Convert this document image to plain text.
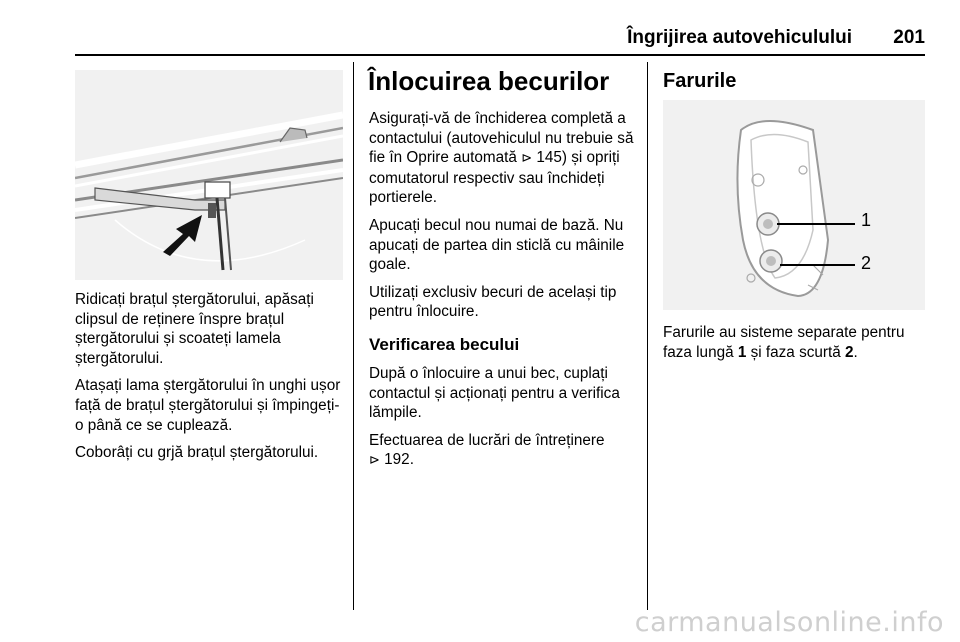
Îngrijirea autovehiculului 201

Ridicați brațul ștergătorului, apăsați clipsul de reținere înspre brațul ștergătorului și scoateți lamela ștergătorului.

Atașați lama ștergătorului în unghi ușor față de brațul ștergătorului și împingeți-o până ce se cuplează.

Coborâți cu grjă brațul ștergătorului.

Înlocuirea becurilor

Asigurați-vă de închiderea completă a contactului (autovehiculul nu trebuie să fie în Oprire automată ⊳ 145) și opriți comutatorul respectiv sau închideți portierele.

Apucați becul nou numai de bază. Nu apucați de partea din sticlă cu mâinile goale.

Utilizați exclusiv becuri de același tip pentru înlocuire.

Verificarea becului

După o înlocuire a unui bec, cuplați contactul și acționați pentru a verifica lămpile.

Efectuarea de lucrări de întreținere
⊳ 192.

Farurile
1
2

Farurile au sisteme separate pentru faza lungă 1 și faza scurtă 2.

carmanualsonline.info
